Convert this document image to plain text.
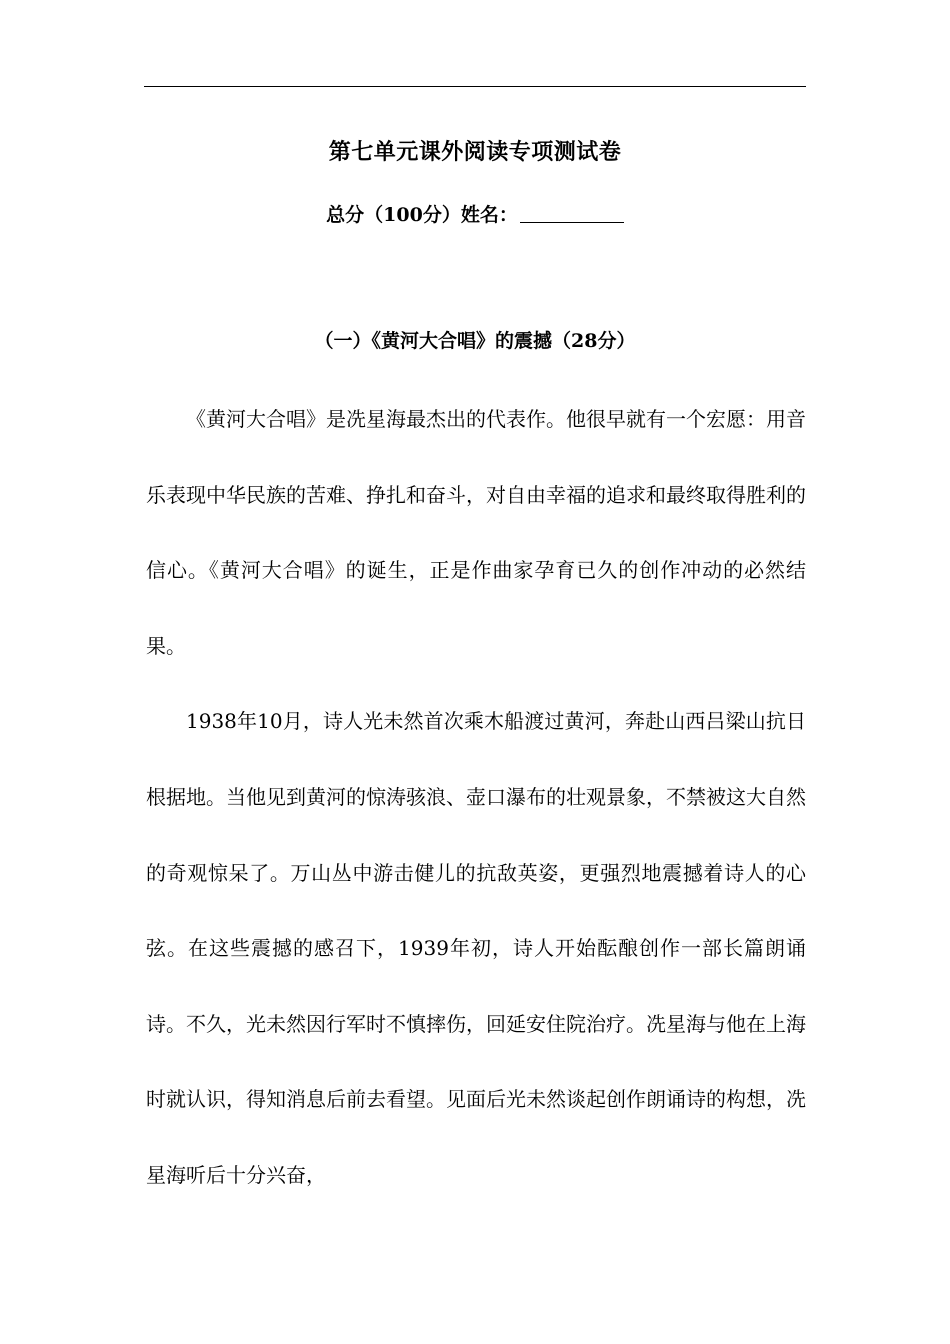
第七单元课外阅读专项测试卷
总分（100分）姓名：
（一）《黄河大合唱》的震撼（28分）

《黄河大合唱》是冼星海最杰出的代表作。他很早就有一个宏愿：用音乐表现中华民族的苦难、挣扎和奋斗，对自由幸福的追求和最终取得胜利的信心。《黄河大合唱》的诞生，正是作曲家孕育已久的创作冲动的必然结果。

1938年10月，诗人光未然首次乘木船渡过黄河，奔赴山西吕梁山抗日根据地。当他见到黄河的惊涛骇浪、壶口瀑布的壮观景象，不禁被这大自然的奇观惊呆了。万山丛中游击健儿的抗敌英姿，更强烈地震撼着诗人的心弦。在这些震撼的感召下，1939年初，诗人开始酝酿创作一部长篇朗诵诗。不久，光未然因行军时不慎摔伤，回延安住院治疗。冼星海与他在上海时就认识，得知消息后前去看望。见面后光未然谈起创作朗诵诗的构想，冼星海听后十分兴奋，
